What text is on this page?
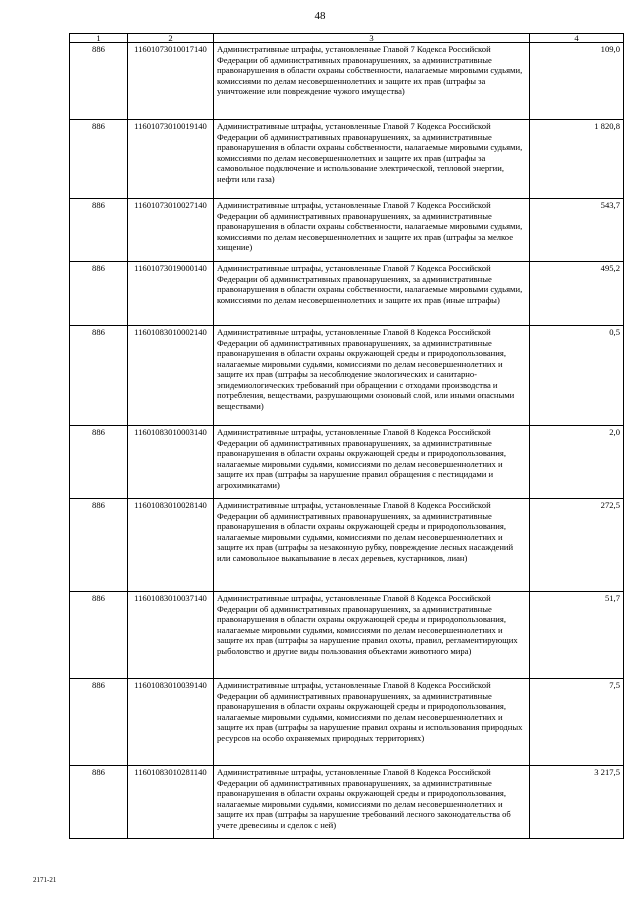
48
1	2	3	4
886	11601073010017140	Административные штрафы, установленные Главой 7 Кодекса Российской Федерации об административных правонарушениях, за административные правонарушения в области охраны собственности, налагаемые мировыми судьями, комиссиями по делам несовершеннолетних и защите их прав (штрафы за уничтожение или повреждение чужого имущества)	109,0
886	11601073010019140	Административные штрафы, установленные Главой 7 Кодекса Российской Федерации об административных правонарушениях, за административные правонарушения в области охраны собственности, налагаемые мировыми судьями, комиссиями по делам несовершеннолетних и защите их прав (штрафы за самовольное подключение и использование электрической, тепловой энергии, нефти или газа)	1 820,8
886	11601073010027140	Административные штрафы, установленные Главой 7 Кодекса Российской Федерации об административных правонарушениях, за административные правонарушения в области охраны собственности, налагаемые мировыми судьями, комиссиями по делам несовершеннолетних и защите их прав (штрафы за мелкое хищение)	543,7
886	11601073019000140	Административные штрафы, установленные Главой 7 Кодекса Российской Федерации об административных правонарушениях, за административные правонарушения в области охраны собственности, налагаемые мировыми судьями, комиссиями по делам несовершеннолетних и защите их прав (иные штрафы)	495,2
886	11601083010002140	Административные штрафы, установленные Главой 8 Кодекса Российской Федерации об административных правонарушениях, за административные правонарушения в области охраны окружающей среды и природопользования, налагаемые мировыми судьями, комиссиями по делам несовершеннолетних и защите их прав (штрафы за несоблюдение экологических и санитарно-эпидемиологических требований при обращении с отходами производства и потребления, веществами, разрушающими озоновый слой, или иными опасными веществами)	0,5
886	11601083010003140	Административные штрафы, установленные Главой 8 Кодекса Российской Федерации об административных правонарушениях, за административные правонарушения в области охраны окружающей среды и природопользования, налагаемые мировыми судьями, комиссиями по делам несовершеннолетних и защите их прав (штрафы за нарушение правил обращения с пестицидами и агрохимикатами)	2,0
886	11601083010028140	Административные штрафы, установленные Главой 8 Кодекса Российской Федерации об административных правонарушениях, за административные правонарушения в области охраны окружающей среды и природопользования, налагаемые мировыми судьями, комиссиями по делам несовершеннолетних и защите их прав (штрафы за незаконную рубку, повреждение лесных насаждений или самовольное выкапывание в лесах деревьев, кустарников, лиан)	272,5
886	11601083010037140	Административные штрафы, установленные Главой 8 Кодекса Российской Федерации об административных правонарушениях, за административные правонарушения в области охраны окружающей среды и природопользования, налагаемые мировыми судьями, комиссиями по делам несовершеннолетних и защите их прав (штрафы за нарушение правил охоты, правил, регламентирующих рыболовство и другие виды пользования объектами животного мира)	51,7
886	11601083010039140	Административные штрафы, установленные Главой 8 Кодекса Российской Федерации об административных правонарушениях, за административные правонарушения в области охраны окружающей среды и природопользования, налагаемые мировыми судьями, комиссиями по делам несовершеннолетних и защите их прав (штрафы за нарушение правил охраны и использования природных ресурсов на особо охраняемых природных территориях)	7,5
886	11601083010281140	Административные штрафы, установленные Главой 8 Кодекса Российской Федерации об административных правонарушениях, за административные правонарушения в области охраны окружающей среды и природопользования, налагаемые мировыми судьями, комиссиями по делам несовершеннолетних и защите их прав (штрафы за нарушение требований лесного законодательства об учете древесины и сделок с ней)	3 217,5
2171-21
